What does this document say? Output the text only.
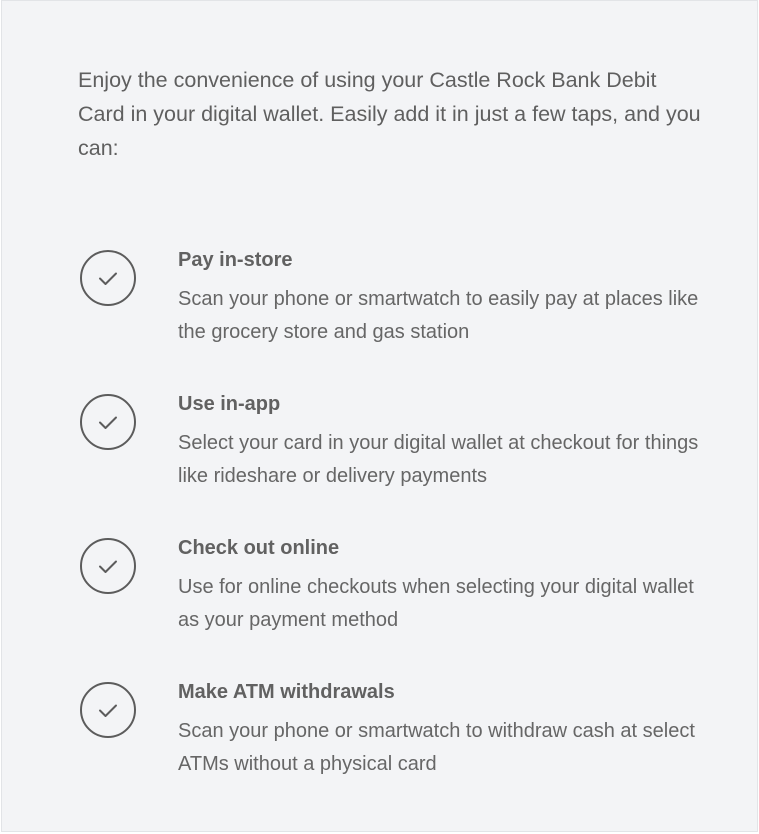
Enjoy the convenience of using your Castle Rock Bank Debit Card in your digital wallet. Easily add it in just a few taps, and you can:

Pay in-store

Scan your phone or smartwatch to easily pay at places like the grocery store and gas station

Use in-app

Select your card in your digital wallet at checkout for things like rideshare or delivery payments

Check out online

Use for online checkouts when selecting your digital wallet as your payment method

Make ATM withdrawals

Scan your phone or smartwatch to withdraw cash at select ATMs without a physical card
